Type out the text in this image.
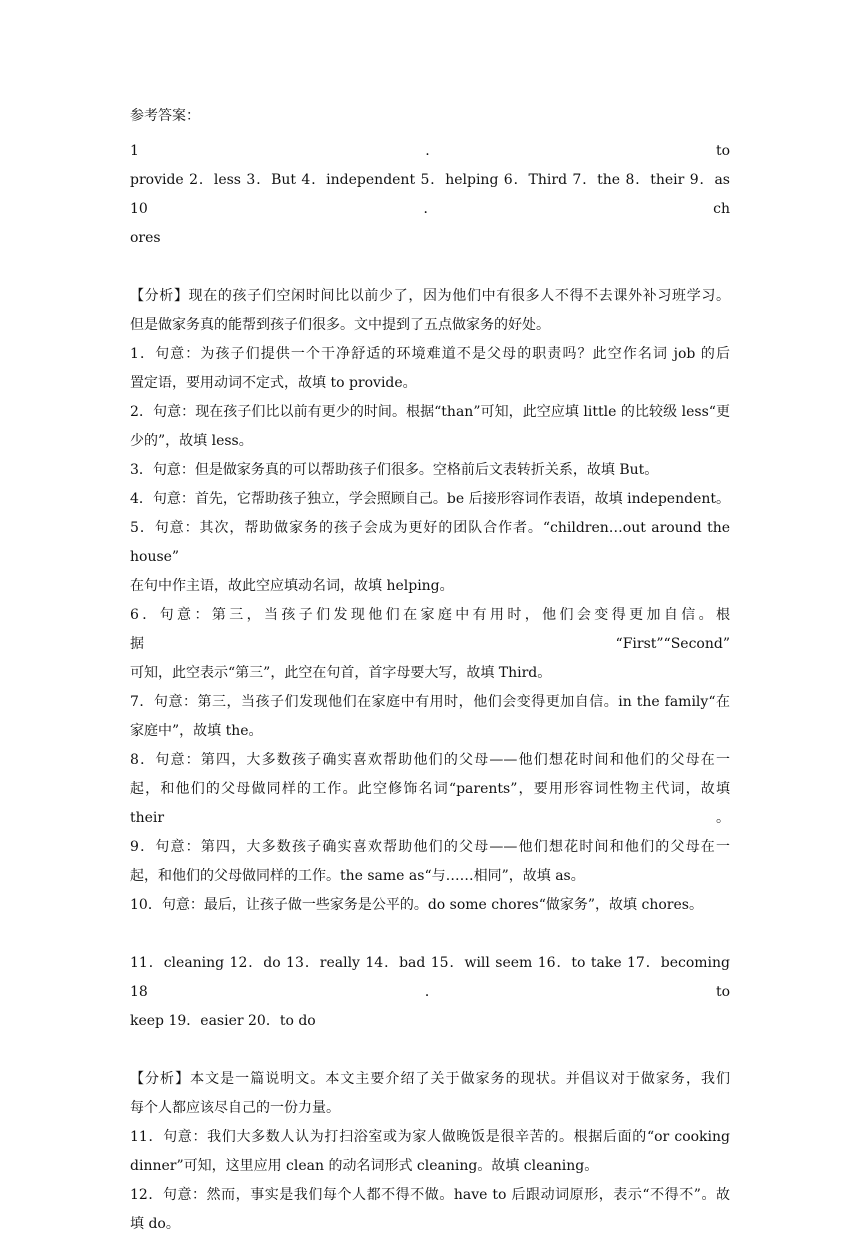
参考答案：

1 . to

provide 2．less 3．But 4．independent 5．helping 6．Third 7．the 8．their 9．as 10．ch

ores

【分析】现在的孩子们空闲时间比以前少了，因为他们中有很多人不得不去课外补习班学习。

但是做家务真的能帮到孩子们很多。文中提到了五点做家务的好处。

1．句意：为孩子们提供一个干净舒适的环境难道不是父母的职责吗？此空作名词 job 的后

置定语，要用动词不定式，故填 to provide。

2．句意：现在孩子们比以前有更少的时间。根据“than”可知，此空应填 little 的比较级 less“更

少的”，故填 less。

3．句意：但是做家务真的可以帮助孩子们很多。空格前后文表转折关系，故填 But。

4．句意：首先，它帮助孩子独立，学会照顾自己。be 后接形容词作表语，故填 independent。

5．句意：其次，帮助做家务的孩子会成为更好的团队合作者。“children…out around the house”

在句中作主语，故此空应填动名词，故填 helping。

6．句意：第三，当孩子们发现他们在家庭中有用时，他们会变得更加自信。根据“First”“Second”

可知，此空表示“第三”，此空在句首，首字母要大写，故填 Third。

7．句意：第三，当孩子们发现他们在家庭中有用时，他们会变得更加自信。in the family“在

家庭中”，故填 the。

8．句意：第四，大多数孩子确实喜欢帮助他们的父母——他们想花时间和他们的父母在一

起，和他们的父母做同样的工作。此空修饰名词“parents”，要用形容词性物主代词，故填 their。

9．句意：第四，大多数孩子确实喜欢帮助他们的父母——他们想花时间和他们的父母在一

起，和他们的父母做同样的工作。the same as“与……相同”，故填 as。

10．句意：最后，让孩子做一些家务是公平的。do some chores“做家务”，故填 chores。

11．cleaning 12．do 13．really 14．bad 15．will seem 16．to take 17．becoming 18．to

keep 19．easier 20．to do

【分析】本文是一篇说明文。本文主要介绍了关于做家务的现状。并倡议对于做家务，我们

每个人都应该尽自己的一份力量。

11．句意：我们大多数人认为打扫浴室或为家人做晚饭是很辛苦的。根据后面的“or cooking

dinner”可知，这里应用 clean 的动名词形式 cleaning。故填 cleaning。

12．句意：然而，事实是我们每个人都不得不做。have to 后跟动词原形，表示“不得不”。故

填 do。
